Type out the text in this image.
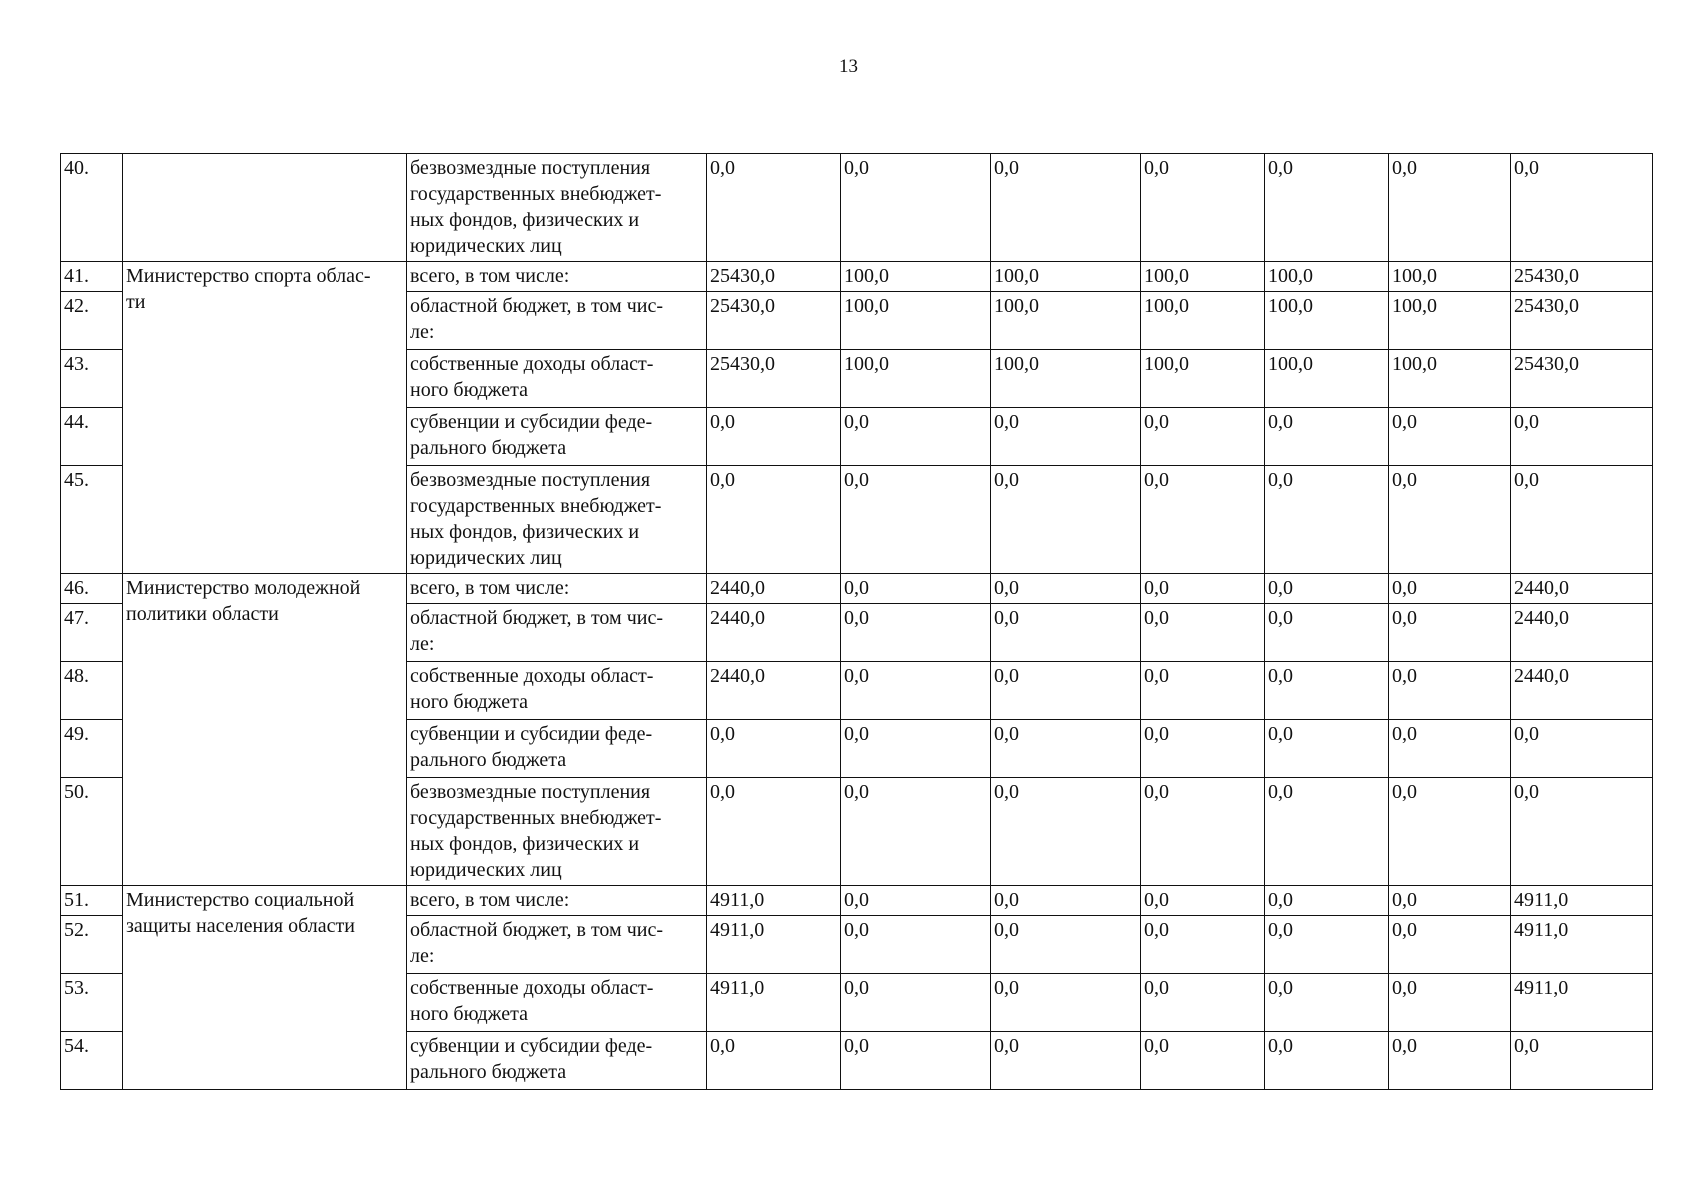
13
40.		безвозмездные поступления
государственных внебюджет-
ных фондов, физических и
юридических лиц	0,0	0,0	0,0	0,0	0,0	0,0	0,0
41.	Министерство спорта облас-
ти	всего, в том числе:	25430,0	100,0	100,0	100,0	100,0	100,0	25430,0
42.		областной бюджет, в том чис-
ле:	25430,0	100,0	100,0	100,0	100,0	100,0	25430,0
43.		собственные доходы област-
ного бюджета	25430,0	100,0	100,0	100,0	100,0	100,0	25430,0
44.		субвенции и субсидии феде-
рального бюджета	0,0	0,0	0,0	0,0	0,0	0,0	0,0
45.		безвозмездные поступления
государственных внебюджет-
ных фондов, физических и
юридических лиц	0,0	0,0	0,0	0,0	0,0	0,0	0,0
46.	Министерство молодежной
политики области	всего, в том числе:	2440,0	0,0	0,0	0,0	0,0	0,0	2440,0
47.		областной бюджет, в том чис-
ле:	2440,0	0,0	0,0	0,0	0,0	0,0	2440,0
48.		собственные доходы област-
ного бюджета	2440,0	0,0	0,0	0,0	0,0	0,0	2440,0
49.		субвенции и субсидии феде-
рального бюджета	0,0	0,0	0,0	0,0	0,0	0,0	0,0
50.		безвозмездные поступления
государственных внебюджет-
ных фондов, физических и
юридических лиц	0,0	0,0	0,0	0,0	0,0	0,0	0,0
51.	Министерство социальной
защиты населения области	всего, в том числе:	4911,0	0,0	0,0	0,0	0,0	0,0	4911,0
52.		областной бюджет, в том чис-
ле:	4911,0	0,0	0,0	0,0	0,0	0,0	4911,0
53.		собственные доходы област-
ного бюджета	4911,0	0,0	0,0	0,0	0,0	0,0	4911,0
54.		субвенции и субсидии феде-
рального бюджета	0,0	0,0	0,0	0,0	0,0	0,0	0,0
